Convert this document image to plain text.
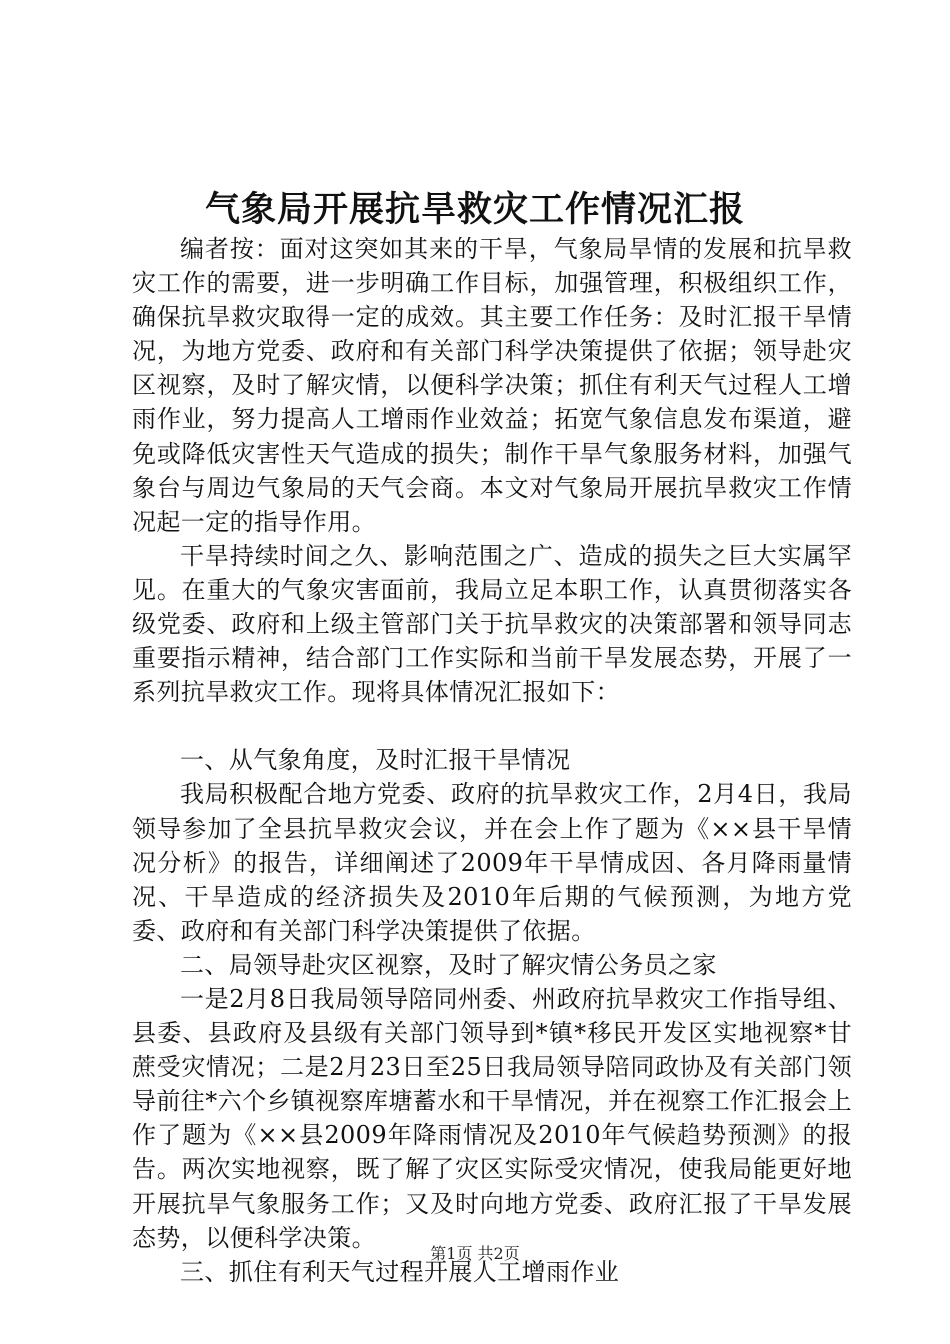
气象局开展抗旱救灾工作情况汇报

编者按：面对这突如其来的干旱，气象局旱情的发展和抗旱救灾工作的需要，进一步明确工作目标，加强管理，积极组织工作，确保抗旱救灾取得一定的成效。其主要工作任务：及时汇报干旱情况，为地方党委、政府和有关部门科学决策提供了依据；领导赴灾区视察，及时了解灾情，以便科学决策；抓住有利天气过程人工增雨作业，努力提高人工增雨作业效益；拓宽气象信息发布渠道，避免或降低灾害性天气造成的损失；制作干旱气象服务材料，加强气象台与周边气象局的天气会商。本文对气象局开展抗旱救灾工作情况起一定的指导作用。

干旱持续时间之久、影响范围之广、造成的损失之巨大实属罕见。在重大的气象灾害面前，我局立足本职工作，认真贯彻落实各级党委、政府和上级主管部门关于抗旱救灾的决策部署和领导同志重要指示精神，结合部门工作实际和当前干旱发展态势，开展了一系列抗旱救灾工作。现将具体情况汇报如下：

一、从气象角度，及时汇报干旱情况

我局积极配合地方党委、政府的抗旱救灾工作，2月4日，我局领导参加了全县抗旱救灾会议，并在会上作了题为《××县干旱情况分析》的报告，详细阐述了2009年干旱情成因、各月降雨量情况、干旱造成的经济损失及2010年后期的气候预测，为地方党委、政府和有关部门科学决策提供了依据。

二、局领导赴灾区视察，及时了解灾情公务员之家

一是2月8日我局领导陪同州委、州政府抗旱救灾工作指导组、县委、县政府及县级有关部门领导到*镇*移民开发区实地视察*甘蔗受灾情况；二是2月23日至25日我局领导陪同政协及有关部门领导前往*六个乡镇视察库塘蓄水和干旱情况，并在视察工作汇报会上作了题为《××县2009年降雨情况及2010年气候趋势预测》的报告。两次实地视察，既了解了灾区实际受灾情况，使我局能更好地开展抗旱气象服务工作；又及时向地方党委、政府汇报了干旱发展态势，以便科学决策。

三、抓住有利天气过程开展人工增雨作业

第1页 共2页
